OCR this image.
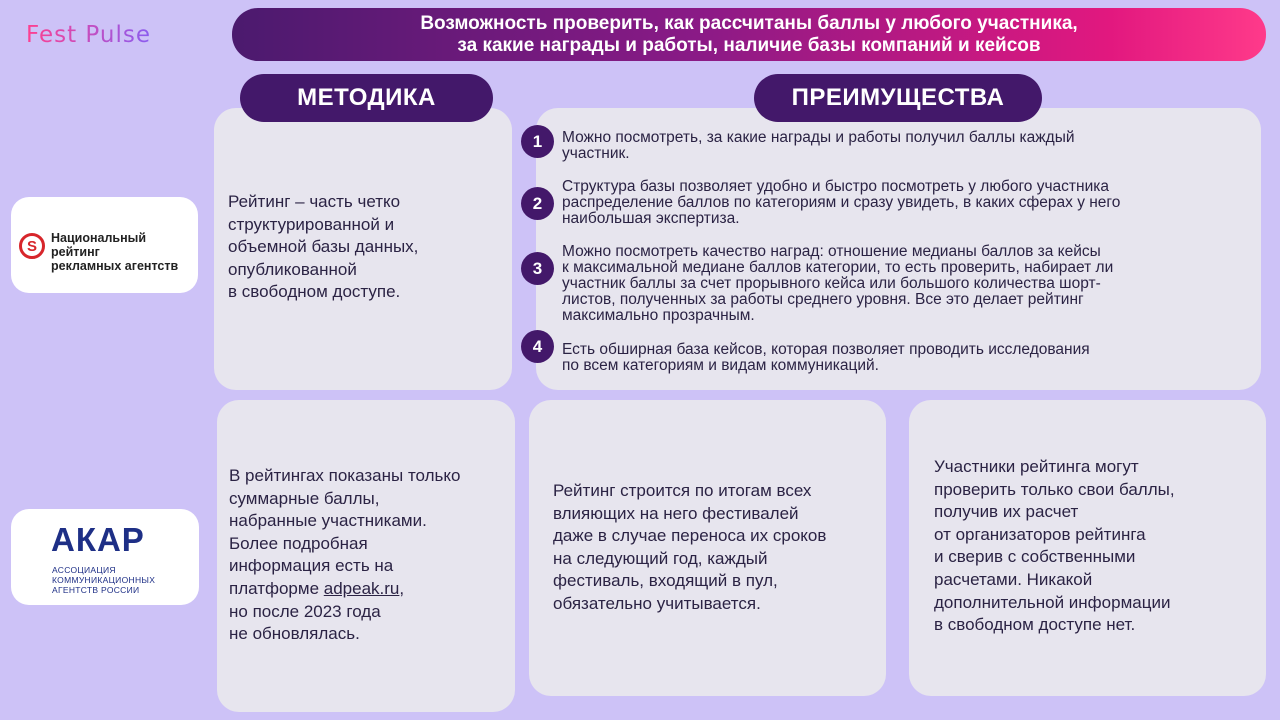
Fest Pulse	Возможность проверить, как рассчитаны баллы у любого участника,
за какие награды и работы, наличие базы компаний и кейсов
МЕТОДИКА	ПРЕИМУЩЕСТВА
S	Национальный рейтинг
рекламных агентств
Рейтинг – часть четко
структурированной и
объемной базы данных,
опубликованной
в свободном доступе.
1	Можно посмотреть, за какие награды и работы получил баллы каждый
участник.
2
Структура базы позволяет удобно и быстро посмотреть у любого участника
распределение баллов по категориям и сразу увидеть, в каких сферах у него
наибольшая экспертиза.
3
Можно посмотреть качество наград: отношение медианы баллов за кейсы
к максимальной медиане баллов категории, то есть проверить, набирает ли
участник баллы за счет прорывного кейса или большого количества шорт-
листов, полученных за работы среднего уровня. Все это делает рейтинг
максимально прозрачным.
4	Есть обширная база кейсов, которая позволяет проводить исследования
по всем категориям и видам коммуникаций.
АКАР
АССОЦИАЦИЯ
КОММУНИКАЦИОННЫХ
АГЕНТСТВ РОССИИ
В рейтингах показаны только
суммарные баллы,
набранные участниками.
Более подробная
информация есть на
платформе adpeak.ru,
но после 2023 года
не обновлялась.
Рейтинг строится по итогам всех
влияющих на него фестивалей
даже в случае переноса их сроков
на следующий год, каждый
фестиваль, входящий в пул,
обязательно учитывается.
Участники рейтинга могут
проверить только свои баллы,
получив их расчет
от организаторов рейтинга
и сверив с собственными
расчетами. Никакой
дополнительной информации
в свободном доступе нет.
